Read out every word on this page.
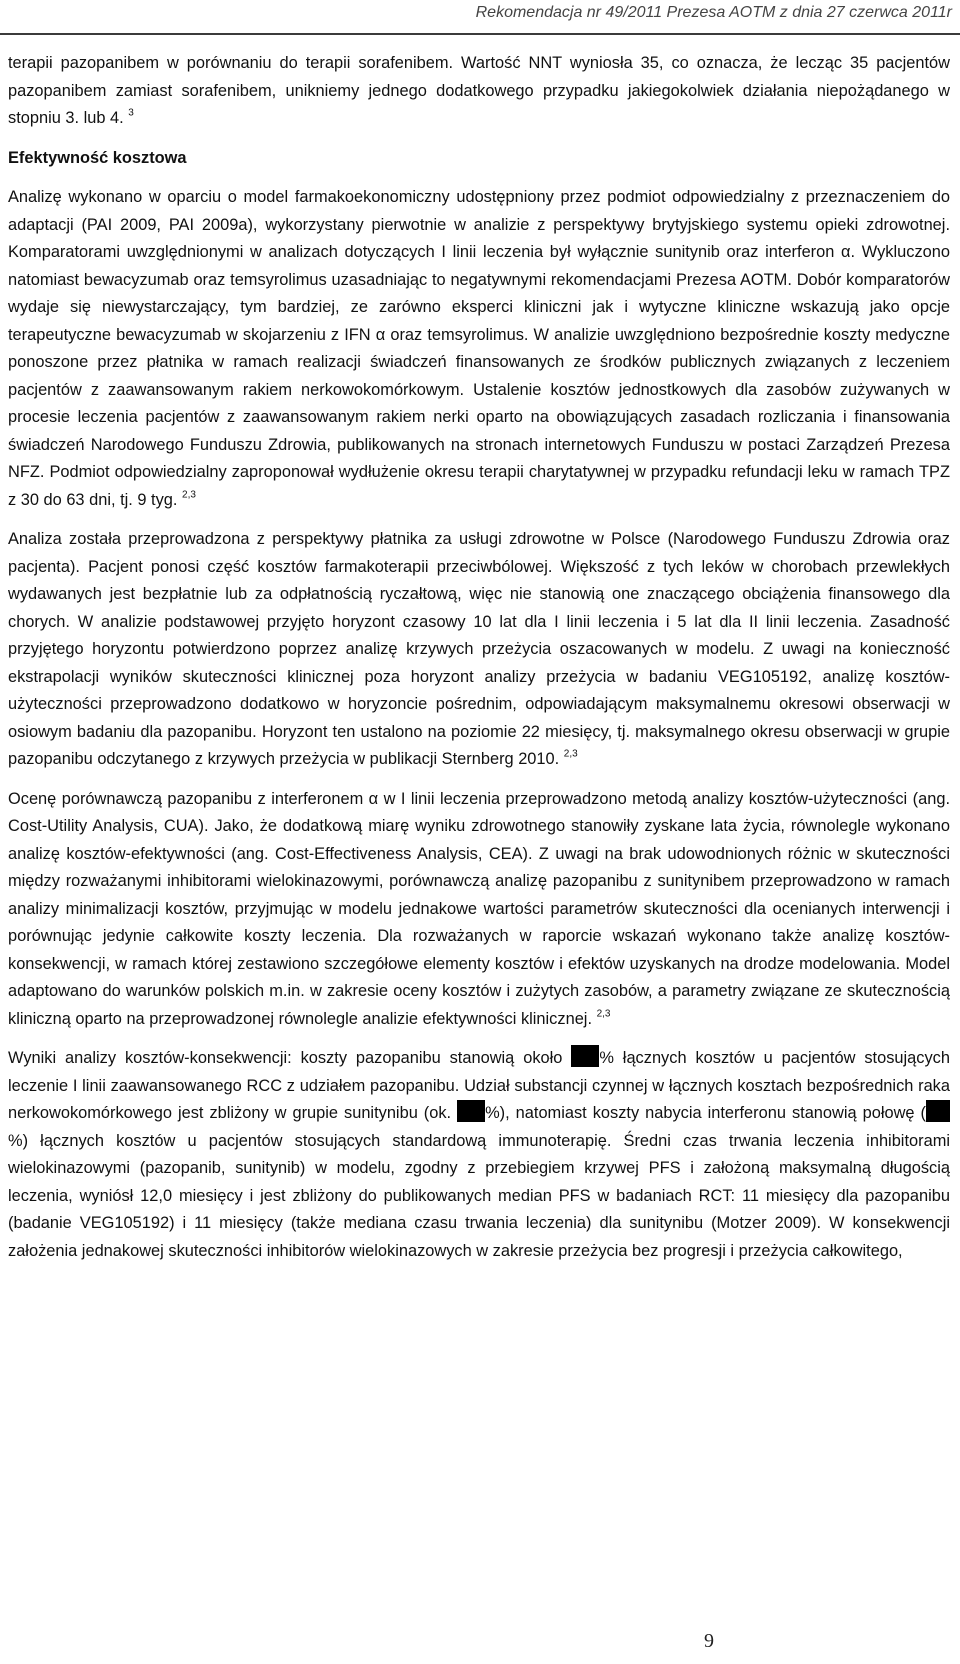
Rekomendacja nr 49/2011 Prezesa AOTM z dnia 27 czerwca 2011r

terapii pazopanibem w porównaniu do terapii sorafenibem. Wartość NNT wyniosła 35, co oznacza, że lecząc 35 pacjentów pazopanibem zamiast sorafenibem, unikniemy jednego dodatkowego przypadku jakiegokolwiek działania niepożądanego w stopniu 3. lub 4. $^3$

Efektywność kosztowa

Analizę wykonano w oparciu o model farmakoekonomiczny udostępniony przez podmiot odpowiedzialny z przeznaczeniem do adaptacji (PAI 2009, PAI 2009a), wykorzystany pierwotnie w analizie z perspektywy brytyjskiego systemu opieki zdrowotnej. Komparatorami uwzględnionymi w analizach dotyczących I linii leczenia był wyłącznie sunitynib oraz interferon α. Wykluczono natomiast bewacyzumab oraz temsyrolimus uzasadniając to negatywnymi rekomendacjami Prezesa AOTM. Dobór komparatorów wydaje się niewystarczający, tym bardziej, ze zarówno eksperci kliniczni jak i wytyczne kliniczne wskazują jako opcje terapeutyczne bewacyzumab w skojarzeniu z IFN α oraz temsyrolimus. W analizie uwzględniono bezpośrednie koszty medyczne ponoszone przez płatnika w ramach realizacji świadczeń finansowanych ze środków publicznych związanych z leczeniem pacjentów z zaawansowanym rakiem nerkowokomórkowym. Ustalenie kosztów jednostkowych dla zasobów zużywanych w procesie leczenia pacjentów z zaawansowanym rakiem nerki oparto na obowiązujących zasadach rozliczania i finansowania świadczeń Narodowego Funduszu Zdrowia, publikowanych na stronach internetowych Funduszu w postaci Zarządzeń Prezesa NFZ. Podmiot odpowiedzialny zaproponował wydłużenie okresu terapii charytatywnej w przypadku refundacji leku w ramach TPZ z 30 do 63 dni, tj. 9 tyg. $^{2,3}$

Analiza została przeprowadzona z perspektywy płatnika za usługi zdrowotne w Polsce (Narodowego Funduszu Zdrowia oraz pacjenta). Pacjent ponosi część kosztów farmakoterapii przeciwbólowej. Większość z tych leków w chorobach przewlekłych wydawanych jest bezpłatnie lub za odpłatnością ryczałtową, więc nie stanowią one znaczącego obciążenia finansowego dla chorych. W analizie podstawowej przyjęto horyzont czasowy 10 lat dla I linii leczenia i 5 lat dla II linii leczenia. Zasadność przyjętego horyzontu potwierdzono poprzez analizę krzywych przeżycia oszacowanych w modelu. Z uwagi na konieczność ekstrapolacji wyników skuteczności klinicznej poza horyzont analizy przeżycia w badaniu VEG105192, analizę kosztów-użyteczności przeprowadzono dodatkowo w horyzoncie pośrednim, odpowiadającym maksymalnemu okresowi obserwacji w osiowym badaniu dla pazopanibu. Horyzont ten ustalono na poziomie 22 miesięcy, tj. maksymalnego okresu obserwacji w grupie pazopanibu odczytanego z krzywych przeżycia w publikacji Sternberg 2010. $^{2,3}$

Ocenę porównawczą pazopanibu z interferonem α w I linii leczenia przeprowadzono metodą analizy kosztów-użyteczności (ang. Cost-Utility Analysis, CUA). Jako, że dodatkową miarę wyniku zdrowotnego stanowiły zyskane lata życia, równolegle wykonano analizę kosztów-efektywności (ang. Cost-Effectiveness Analysis, CEA). Z uwagi na brak udowodnionych różnic w skuteczności między rozważanymi inhibitorami wielokinazowymi, porównawczą analizę pazopanibu z sunitynibem przeprowadzono w ramach analizy minimalizacji kosztów, przyjmując w modelu jednakowe wartości parametrów skuteczności dla ocenianych interwencji i porównując jedynie całkowite koszty leczenia. Dla rozważanych w raporcie wskazań wykonano także analizę kosztów-konsekwencji, w ramach której zestawiono szczegółowe elementy kosztów i efektów uzyskanych na drodze modelowania. Model adaptowano do warunków polskich m.in. w zakresie oceny kosztów i zużytych zasobów, a parametry związane ze skutecznością kliniczną oparto na przeprowadzonej równolegle analizie efektywności klinicznej. $^{2,3}$

Wyniki analizy kosztów-konsekwencji: koszty pazopanibu stanowią około % łącznych kosztów u pacjentów stosujących leczenie I linii zaawansowanego RCC z udziałem pazopanibu. Udział substancji czynnej w łącznych kosztach bezpośrednich raka nerkowokomórkowego jest zbliżony w grupie sunitynibu (ok. %), natomiast koszty nabycia interferonu stanowią połowę (%) łącznych kosztów u pacjentów stosujących standardową immunoterapię. Średni czas trwania leczenia inhibitorami wielokinazowymi (pazopanib, sunitynib) w modelu, zgodny z przebiegiem krzywej PFS i założoną maksymalną długością leczenia, wyniósł 12,0 miesięcy i jest zbliżony do publikowanych median PFS w badaniach RCT: 11 miesięcy dla pazopanibu (badanie VEG105192) i 11 miesięcy (także mediana czasu trwania leczenia) dla sunitynibu (Motzer 2009). W konsekwencji założenia jednakowej skuteczności inhibitorów wielokinazowych w zakresie przeżycia bez progresji i przeżycia całkowitego,

9
